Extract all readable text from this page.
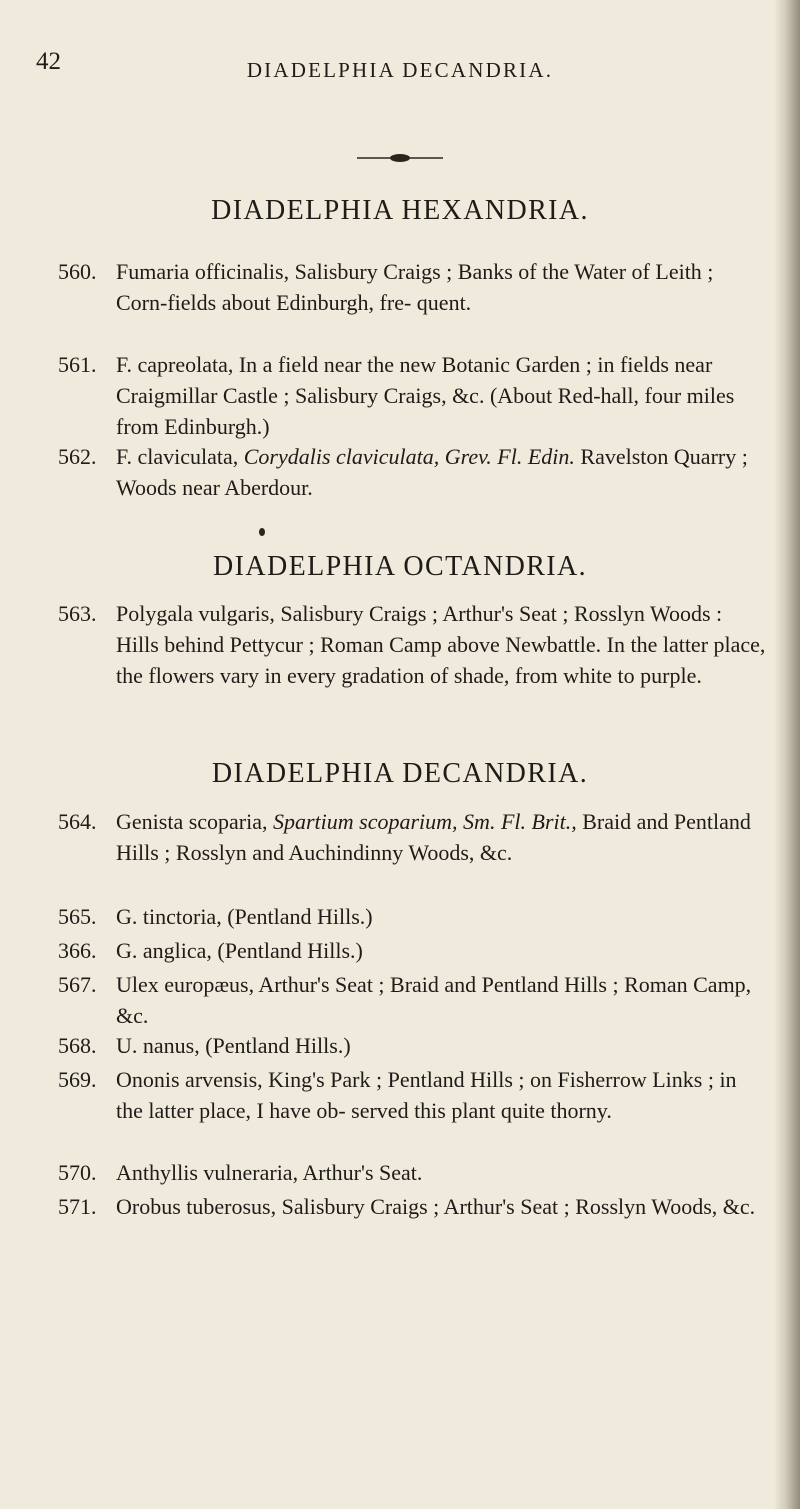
42	DIADELPHIA DECANDRIA.
DIADELPHIA HEXANDRIA.
560. Fumaria officinalis, Salisbury Craigs ; Banks of the Water of Leith ; Corn-fields about Edinburgh, fre- quent.
561. F. capreolata, In a field near the new Botanic Garden ; in fields near Craigmillar Castle ; Salisbury Craigs, &c. (About Red-hall, four miles from Edinburgh.)
562. F. claviculata, Corydalis claviculata, Grev. Fl. Edin. Ravelston Quarry ; Woods near Aberdour.
DIADELPHIA OCTANDRIA.
563. Polygala vulgaris, Salisbury Craigs ; Arthur's Seat ; Rosslyn Woods : Hills behind Pettycur ; Roman Camp above Newbattle. In the latter place, the flowers vary in every gradation of shade, from white to purple.
DIADELPHIA DECANDRIA.
564. Genista scoparia, Spartium scoparium, Sm. Fl. Brit., Braid and Pentland Hills ; Rosslyn and Auchindinny Woods, &c.
565. G. tinctoria, (Pentland Hills.)
366. G. anglica, (Pentland Hills.)
567. Ulex europæus, Arthur's Seat ; Braid and Pentland Hills ; Roman Camp, &c.
568. U. nanus, (Pentland Hills.)
569. Ononis arvensis, King's Park ; Pentland Hills ; on Fisherrow Links ; in the latter place, I have ob- served this plant quite thorny.
570. Anthyllis vulneraria, Arthur's Seat.
571. Orobus tuberosus, Salisbury Craigs ; Arthur's Seat ; Rosslyn Woods, &c.
